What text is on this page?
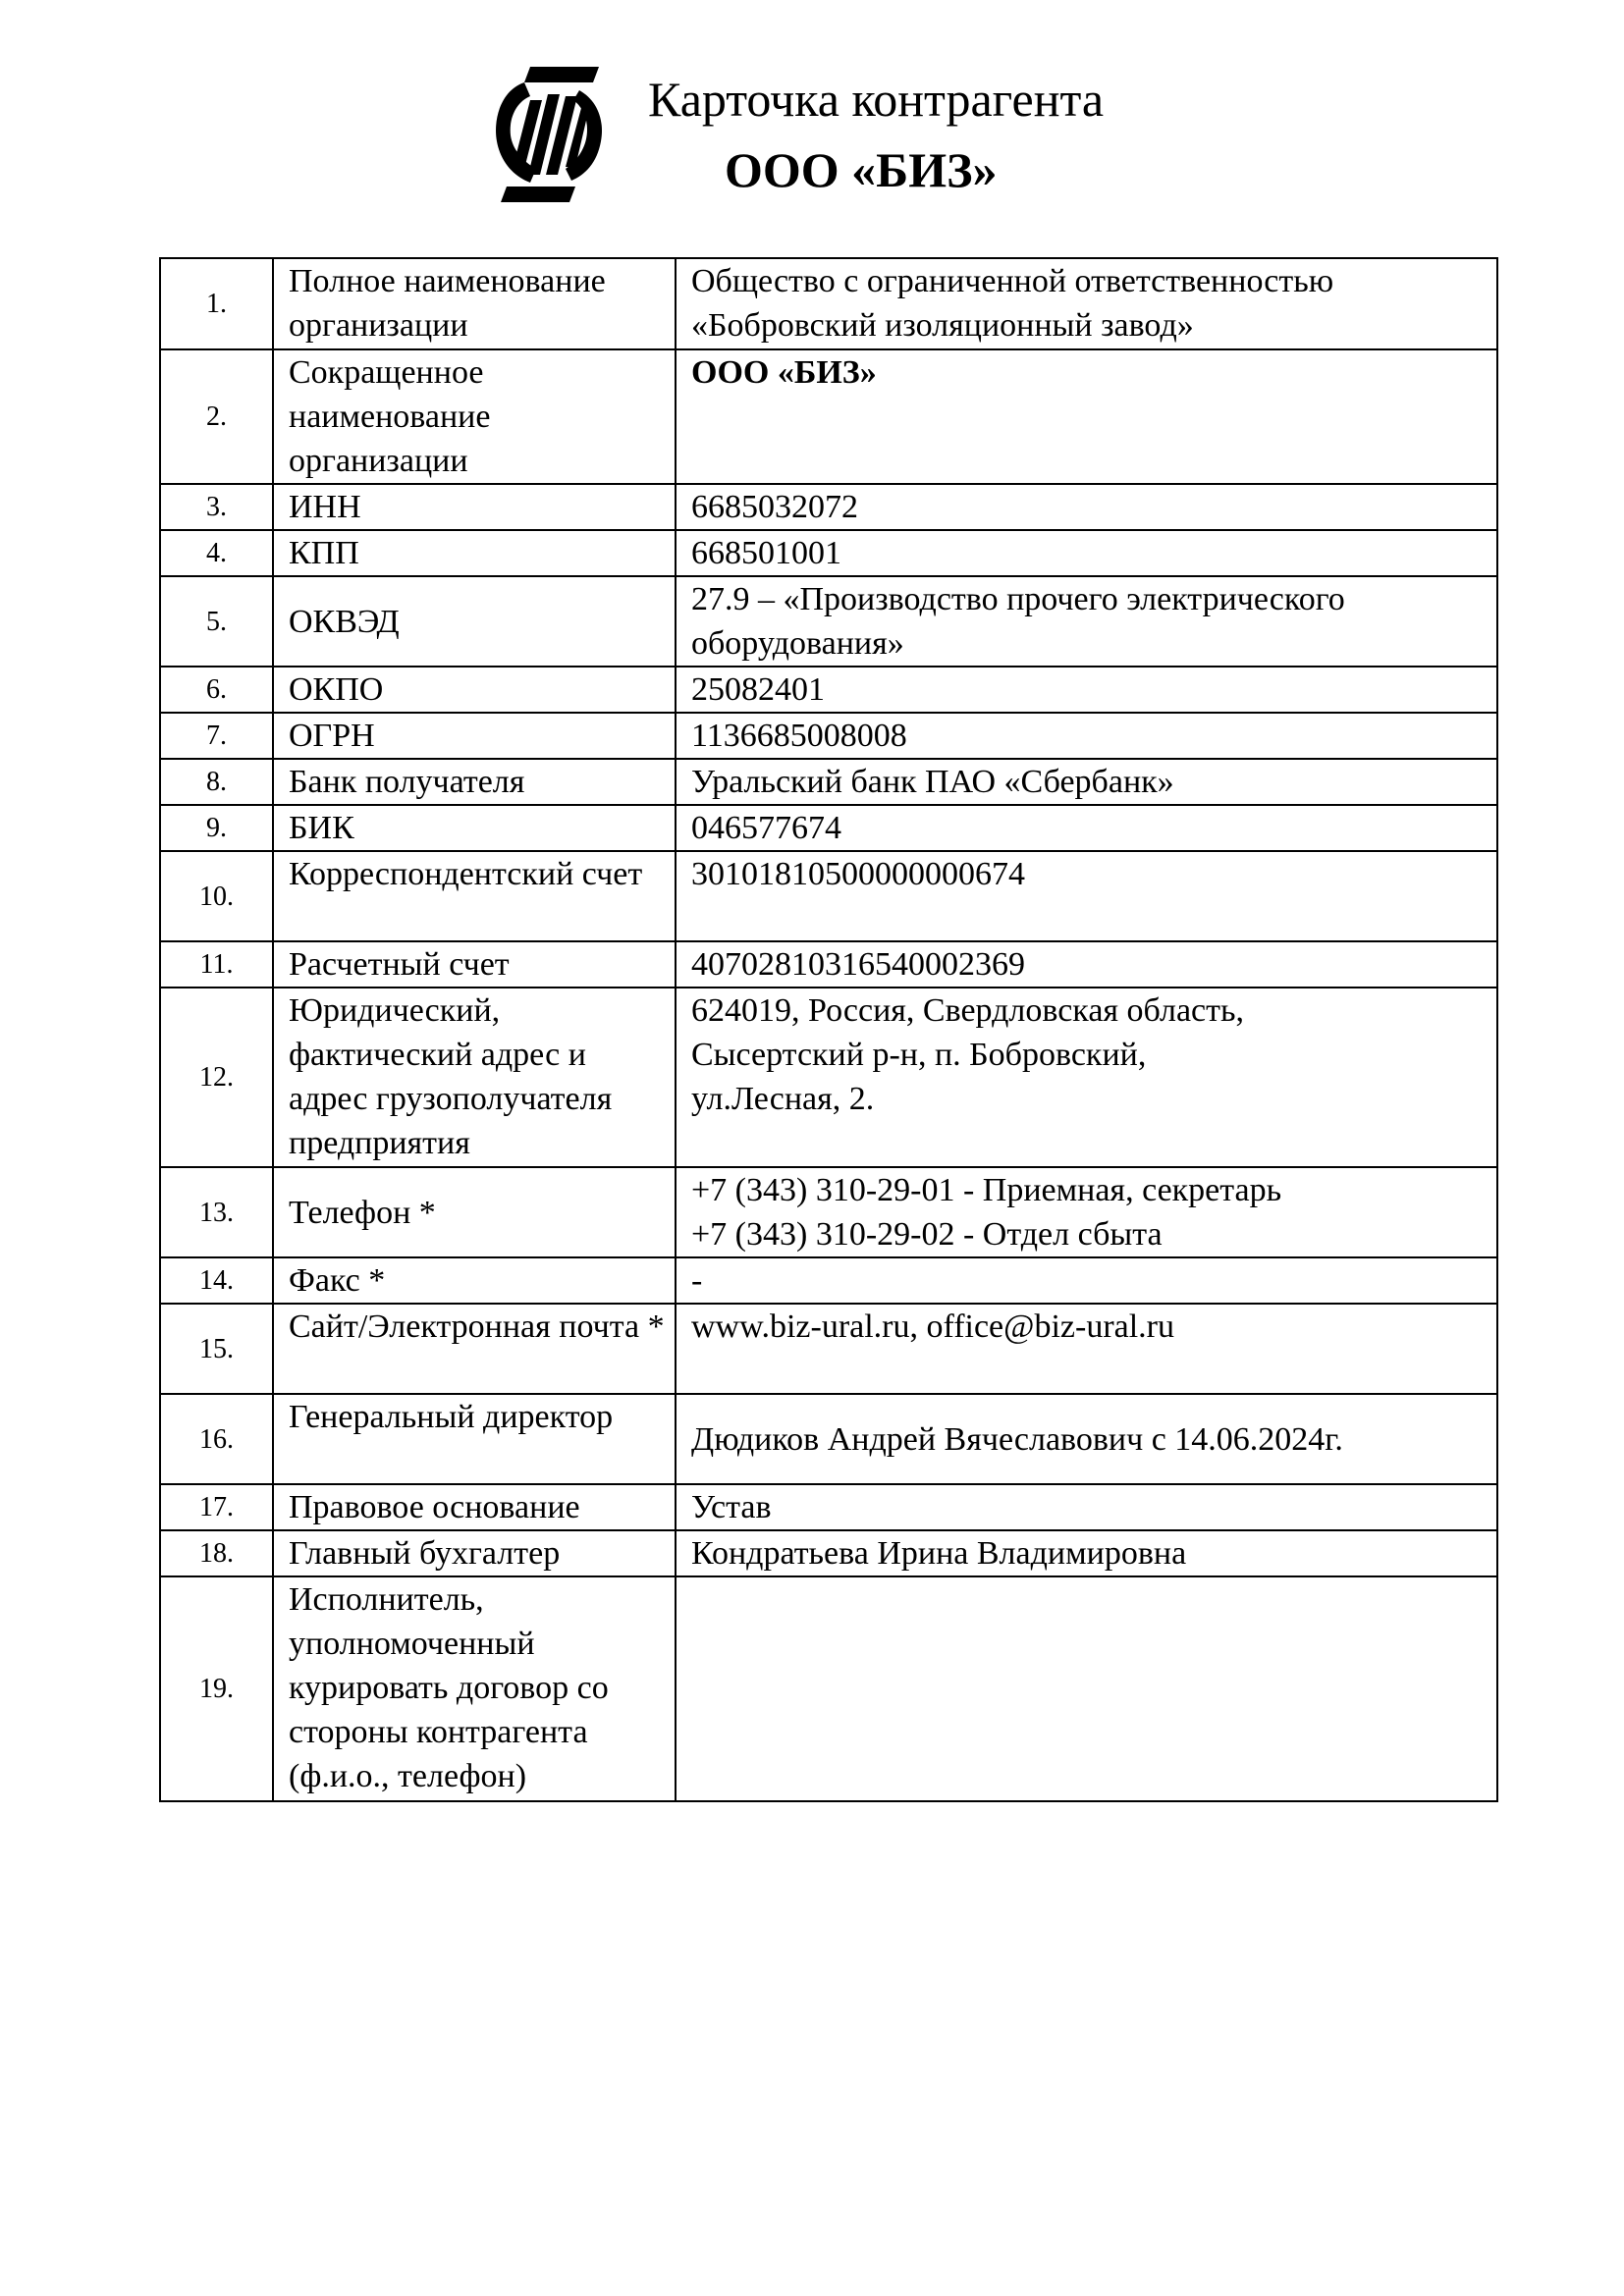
Карточка контрагента
ООО «БИЗ»
1.	Полное наименование организации	Общество с ограниченной ответственностью
«Бобровский изоляционный завод»

2.	Сокращенное наименование организации	ООО «БИЗ»

3.	ИНН	6685032072

4.	КПП	668501001

5.	ОКВЭД	27.9 – «Производство прочего электрического
оборудования»

6.	ОКПО	25082401

7.	ОГРН	1136685008008

8.	Банк получателя	Уральский банк ПАО «Сбербанк»

9.	БИК	046577674

10.	Корреспондентский счет	30101810500000000674

11.	Расчетный счет	40702810316540002369

12.	Юридический, фактический адрес и адрес грузополучателя предприятия	624019, Россия, Свердловская область,
Сысертский р-н, п. Бобровский,
ул.Лесная, 2.

13.	Телефон *	+7 (343) 310-29-01 - Приемная, секретарь
+7 (343) 310-29-02 - Отдел сбыта

14.	Факс *	-

15.	Сайт/Электронная почта *	www.biz-ural.ru, office@biz-ural.ru

16.	Генеральный директор	Дюдиков Андрей Вячеславович с 14.06.2024г.

17.	Правовое основание	Устав

18.	Главный бухгалтер	Кондратьева Ирина Владимировна

19.	Исполнитель, уполномоченный курировать договор со стороны контрагента (ф.и.о., телефон)	
